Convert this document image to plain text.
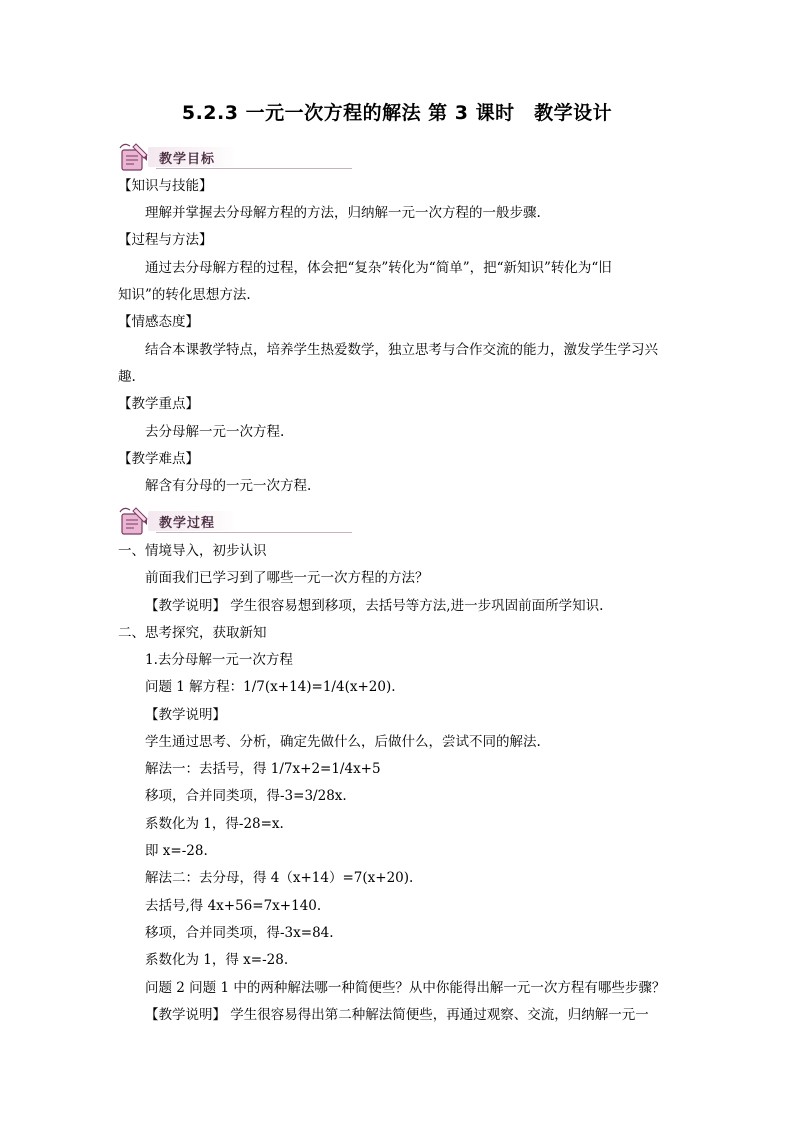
5.2.3 一元一次方程的解法 第 3 课时　教学设计
教学目标
【知识与技能】
理解并掌握去分母解方程的方法，归纳解一元一次方程的一般步骤.
【过程与方法】
通过去分母解方程的过程，体会把“复杂”转化为“简单”，把“新知识”转化为“旧
知识”的转化思想方法.
【情感态度】
结合本课教学特点，培养学生热爱数学，独立思考与合作交流的能力，激发学生学习兴
趣.
【教学重点】
去分母解一元一次方程.
【教学难点】
解含有分母的一元一次方程.
教学过程
一、情境导入，初步认识
前面我们已学习到了哪些一元一次方程的方法？
【教学说明】 学生很容易想到移项，去括号等方法,进一步巩固前面所学知识.
二、思考探究，获取新知
1.去分母解一元一次方程
问题 1 解方程：1/7(x+14)=1/4(x+20).
【教学说明】
学生通过思考、分析，确定先做什么，后做什么，尝试不同的解法.
解法一：去括号，得 1/7x+2=1/4x+5
移项，合并同类项，得-3=3/28x.
系数化为 1，得-28=x.
即 x=-28.
解法二：去分母，得 4（x+14）=7(x+20).
去括号,得 4x+56=7x+140.
移项，合并同类项，得-3x=84.
系数化为 1，得 x=-28.
问题 2 问题 1 中的两种解法哪一种简便些？从中你能得出解一元一次方程有哪些步骤？
【教学说明】 学生很容易得出第二种解法简便些，再通过观察、交流，归纳解一元一
